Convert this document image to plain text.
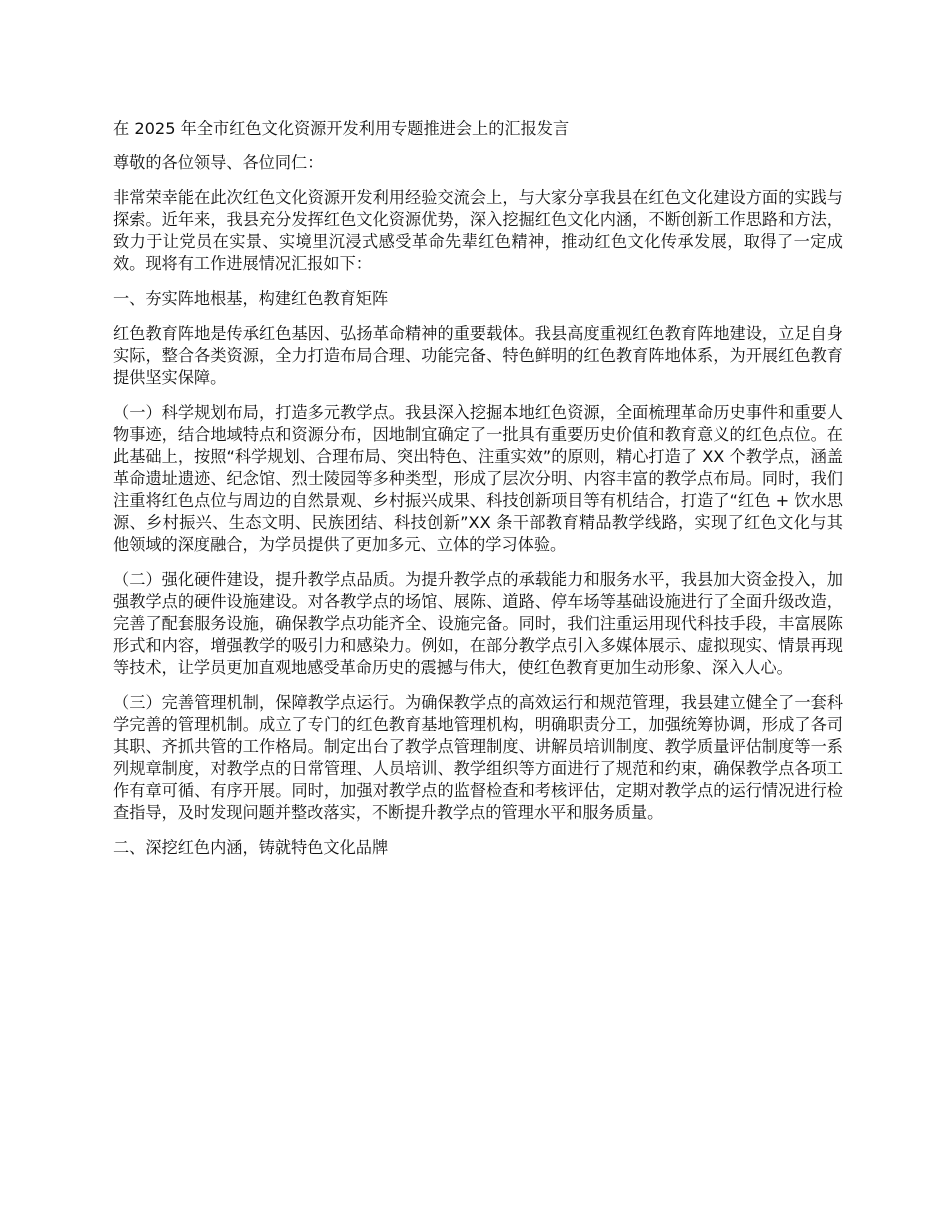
在 2025 年全市红色文化资源开发利用专题推进会上的汇报发言

尊敬的各位领导、各位同仁：

非常荣幸能在此次红色文化资源开发利用经验交流会上，与大家分享我县在红色文化建设方面的实践与探索。近年来，我县充分发挥红色文化资源优势，深入挖掘红色文化内涵，不断创新工作思路和方法，致力于让党员在实景、实境里沉浸式感受革命先辈红色精神，推动红色文化传承发展，取得了一定成效。现将有工作进展情况汇报如下：

一、夯实阵地根基，构建红色教育矩阵

红色教育阵地是传承红色基因、弘扬革命精神的重要载体。我县高度重视红色教育阵地建设，立足自身实际，整合各类资源，全力打造布局合理、功能完备、特色鲜明的红色教育阵地体系，为开展红色教育提供坚实保障。

（一）科学规划布局，打造多元教学点。我县深入挖掘本地红色资源，全面梳理革命历史事件和重要人物事迹，结合地域特点和资源分布，因地制宜确定了一批具有重要历史价值和教育意义的红色点位。在此基础上，按照“科学规划、合理布局、突出特色、注重实效”的原则，精心打造了 XX 个教学点，涵盖革命遗址遗迹、纪念馆、烈士陵园等多种类型，形成了层次分明、内容丰富的教学点布局。同时，我们注重将红色点位与周边的自然景观、乡村振兴成果、科技创新项目等有机结合，打造了“红色 + 饮水思源、乡村振兴、生态文明、民族团结、科技创新”XX 条干部教育精品教学线路，实现了红色文化与其他领域的深度融合，为学员提供了更加多元、立体的学习体验。

（二）强化硬件建设，提升教学点品质。为提升教学点的承载能力和服务水平，我县加大资金投入，加强教学点的硬件设施建设。对各教学点的场馆、展陈、道路、停车场等基础设施进行了全面升级改造，完善了配套服务设施，确保教学点功能齐全、设施完备。同时，我们注重运用现代科技手段，丰富展陈形式和内容，增强教学的吸引力和感染力。例如，在部分教学点引入多媒体展示、虚拟现实、情景再现等技术，让学员更加直观地感受革命历史的震撼与伟大，使红色教育更加生动形象、深入人心。

（三）完善管理机制，保障教学点运行。为确保教学点的高效运行和规范管理，我县建立健全了一套科学完善的管理机制。成立了专门的红色教育基地管理机构，明确职责分工，加强统筹协调，形成了各司其职、齐抓共管的工作格局。制定出台了教学点管理制度、讲解员培训制度、教学质量评估制度等一系列规章制度，对教学点的日常管理、人员培训、教学组织等方面进行了规范和约束，确保教学点各项工作有章可循、有序开展。同时，加强对教学点的监督检查和考核评估，定期对教学点的运行情况进行检查指导，及时发现问题并整改落实，不断提升教学点的管理水平和服务质量。

二、深挖红色内涵，铸就特色文化品牌
